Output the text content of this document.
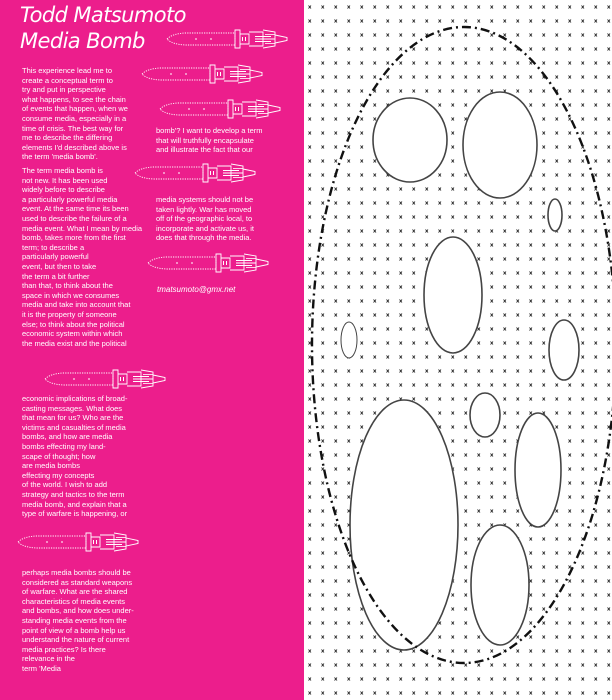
Todd Matsumoto
Media Bomb

This experience lead me to
create a conceptual term to
try and put in perspective
what happens, to see the chain
of events that happen, when we
consume media, especially in a
time of crisis. The best way for
me to describe the differing
elements I'd described above is
the term 'media bomb'.

The term media bomb is
not new. It has been used
widely before to describe
a particularly powerful media
event. At the same time its been
used to describe the failure of a
media event. What I mean by media
bomb, takes more from the first
term; to describe a
particularly powerful
event, but then to take
the term a bit further
than that, to think about the
space in which we consumes
media and take into account that
it is the property of someone
else; to think about the political
economic system within which
the media exist and the political

economic implications of broad-
casting messages. What does
that mean for us? Who are the
victims and casualties of media
bombs, and how are media
bombs effecting my land-
scape of thought; how
are media bombs
effecting my concepts
of the world. I wish to add
strategy and tactics to the term
media bomb, and explain that a
type of warfare is happening, or

perhaps media bombs should be
considered as standard weapons
of warfare. What are the shared
characteristics of media events
and bombs, and how does under-
standing media events from the
point of view of a bomb help us
understand the nature of current
media practices? Is there
relevance in the
term 'Media

bomb'? I want to develop a term
that will truthfully encapsulate
and illustrate the fact that our

media systems should not be
taken lightly. War has moved
off of the geographic local, to
incorporate and activate us, it
does that through the media.

tmatsumoto@gmx.net
